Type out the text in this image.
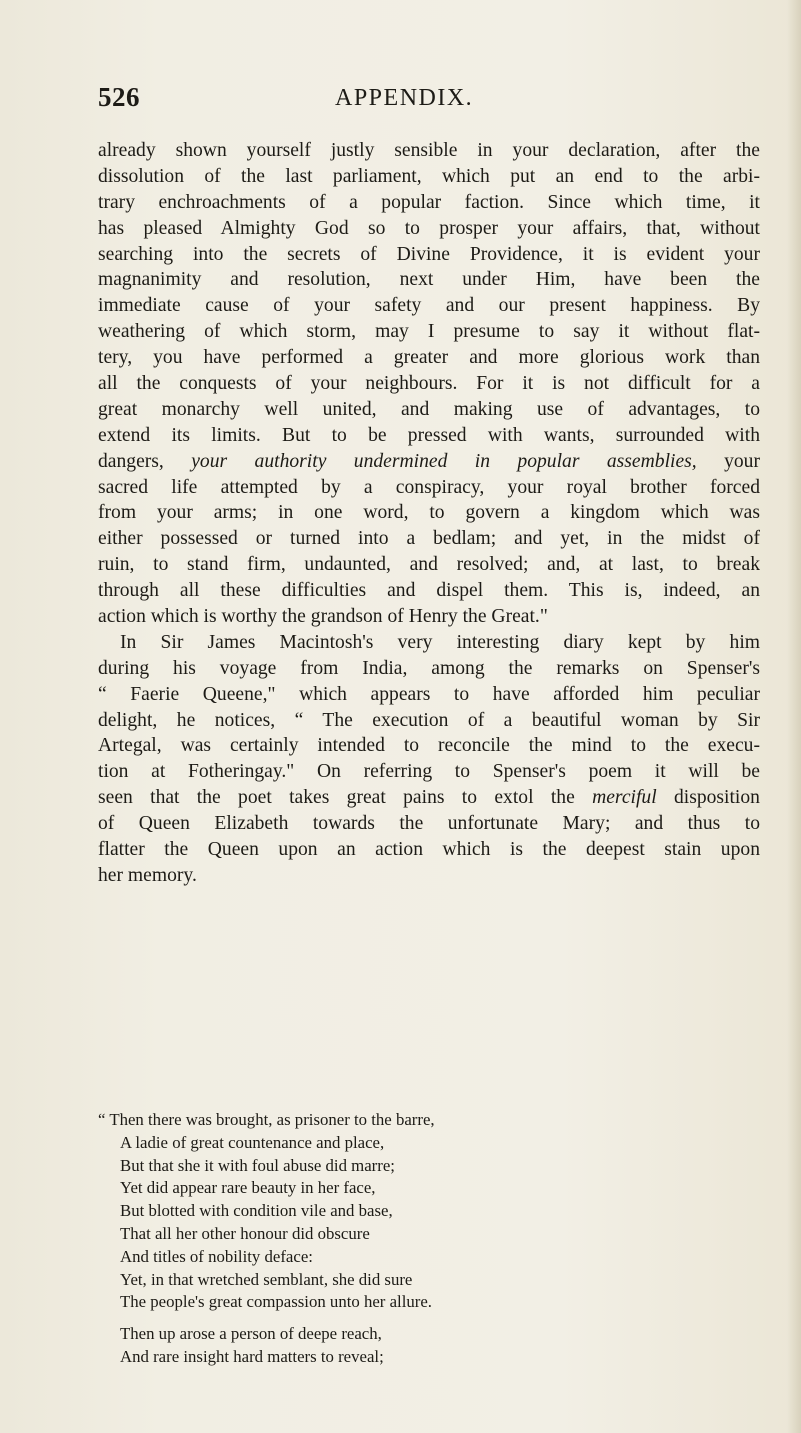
526	APPENDIX.
already shown yourself justly sensible in your declaration, after the
dissolution of the last parliament, which put an end to the arbi-
trary enchroachments of a popular faction. Since which time, it
has pleased Almighty God so to prosper your affairs, that, without
searching into the secrets of Divine Providence, it is evident your
magnanimity and resolution, next under Him, have been the
immediate cause of your safety and our present happiness. By
weathering of which storm, may I presume to say it without flat-
tery, you have performed a greater and more glorious work than
all the conquests of your neighbours. For it is not difficult for a
great monarchy well united, and making use of advantages, to
extend its limits. But to be pressed with wants, surrounded with
dangers, your authority undermined in popular assemblies, your
sacred life attempted by a conspiracy, your royal brother forced
from your arms; in one word, to govern a kingdom which was
either possessed or turned into a bedlam; and yet, in the midst of
ruin, to stand firm, undaunted, and resolved; and, at last, to break
through all these difficulties and dispel them. This is, indeed, an
action which is worthy the grandson of Henry the Great."
In Sir James Macintosh's very interesting diary kept by him
during his voyage from India, among the remarks on Spenser's
“ Faerie Queene," which appears to have afforded him peculiar
delight, he notices, “ The execution of a beautiful woman by Sir
Artegal, was certainly intended to reconcile the mind to the execu-
tion at Fotheringay." On referring to Spenser's poem it will be
seen that the poet takes great pains to extol the merciful disposition
of Queen Elizabeth towards the unfortunate Mary; and thus to
flatter the Queen upon an action which is the deepest stain upon
her memory.
“ Then there was brought, as prisoner to the barre,
A ladie of great countenance and place,
But that she it with foul abuse did marre;
Yet did appear rare beauty in her face,
But blotted with condition vile and base,
That all her other honour did obscure
And titles of nobility deface:
Yet, in that wretched semblant, she did sure
The people's great compassion unto her allure.
Then up arose a person of deepe reach,
And rare insight hard matters to reveal;
